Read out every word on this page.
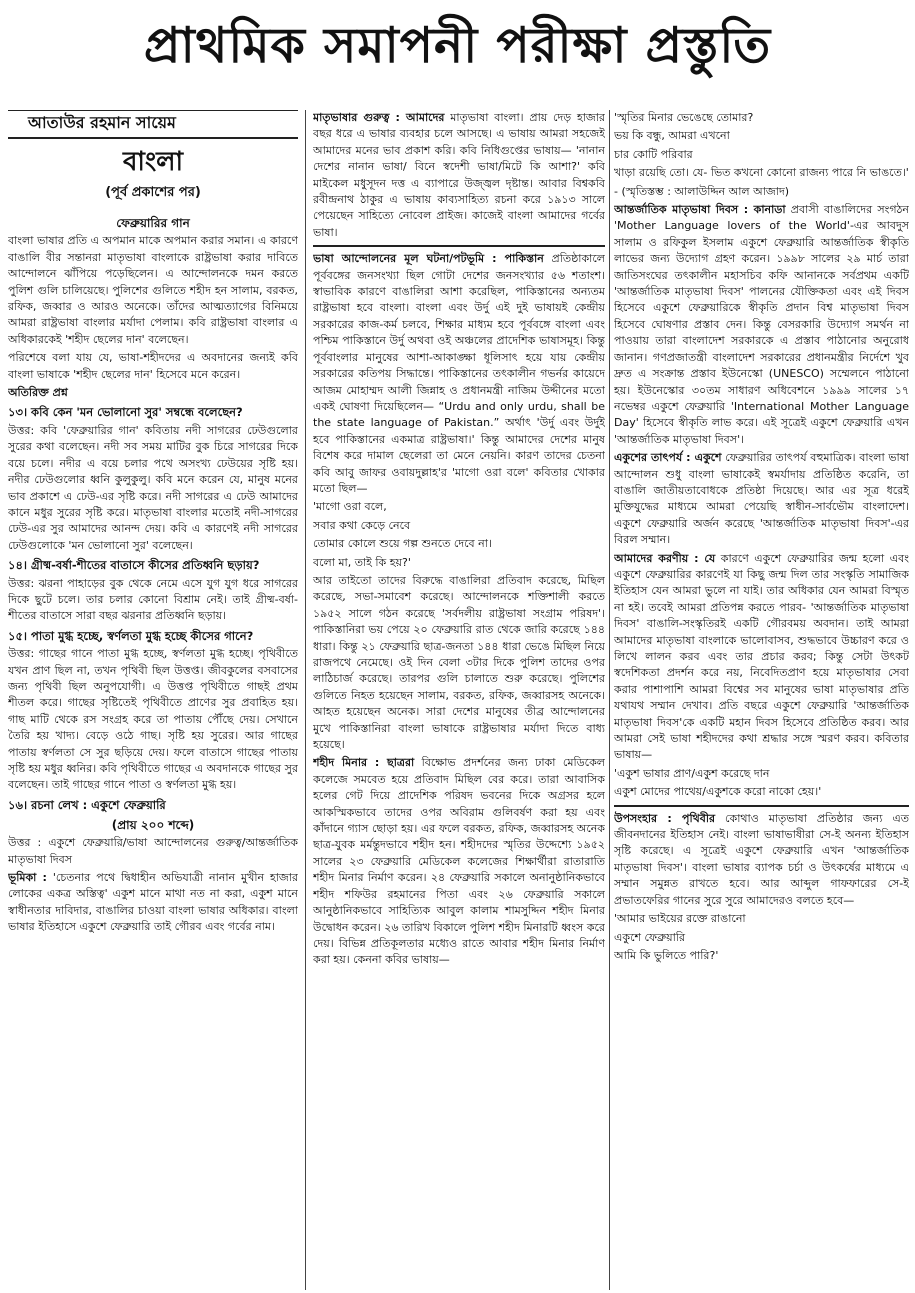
প্রাথমিক সমাপনী পরীক্ষা প্রস্তুতি
আতাউর রহমান সায়েম
বাংলা
(পূর্ব প্রকাশের পর)
ফেব্রুয়ারির গান

বাংলা ভাষার প্রতি এ অপমান মাকে অপমান করার সমান। এ কারণে বাঙালি বীর সন্তানরা মাতৃভাষা বাংলাকে রাষ্ট্রভাষা করার দাবিতে আন্দোলনে ঝাঁপিয়ে পড়েছিলেন। এ আন্দোলনকে দমন করতে পুলিশ গুলি চালিয়েছে। পুলিশের গুলিতে শহীদ হন সালাম, বরকত, রফিক, জব্বার ও আরও অনেকে। তাঁদের আত্মত্যাগের বিনিময়ে আমরা রাষ্ট্রভাষা বাংলার মর্যাদা পেলাম। কবি রাষ্ট্রভাষা বাংলার এ অধিকারকেই 'শহীদ ছেলের দান' বলেছেন।

পরিশেষে বলা যায় যে, ভাষা-শহীদদের এ অবদানের জন্যই কবি বাংলা ভাষাকে 'শহীদ ছেলের দান' হিসেবে মনে করেন।

অতিরিক্ত প্রশ্ন

১৩। কবি কেন 'মন ভোলানো সুর' সম্বন্ধে বলেছেন?

উত্তর: কবি 'ফেব্রুয়ারির গান' কবিতায় নদী সাগরের ঢেউগুলোর সুরের কথা বলেছেন। নদী সব সময় মাটির বুক চিরে সাগরের দিকে বয়ে চলে। নদীর এ বয়ে চলার পথে অসংখ্য ঢেউয়ের সৃষ্টি হয়। নদীর ঢেউগুলোর ধ্বনি কুলুকুলু। কবি মনে করেন যে, মানুষ মনের ভাব প্রকাশে এ ঢেউ-এর সৃষ্টি করে। নদী সাগরের এ ঢেউ আমাদের কানে মধুর সুরের সৃষ্টি করে। মাতৃভাষা বাংলার মতোই নদী-সাগরের ঢেউ-এর সুর আমাদের আনন্দ দেয়। কবি এ কারণেই নদী সাগরের ঢেউগুলোকে 'মন ভোলানো সুর' বলেছেন।

১৪। গ্রীষ্ম-বর্ষা-শীতের বাতাসে কীসের প্রতিধ্বনি ছড়ায়?

উত্তর: ঝরনা পাহাড়ের বুক থেকে নেমে এসে যুগ যুগ ধরে সাগরের দিকে ছুটে চলে। তার চলার কোনো বিশ্রাম নেই। তাই গ্রীষ্ম-বর্ষা-শীতের বাতাসে সারা বছর ঝরনার প্রতিধ্বনি ছড়ায়।

১৫। পাতা মুগ্ধ হচ্ছে, স্বর্ণলতা মুগ্ধ হচ্ছে কীসের গানে?

উত্তর: গাছের গানে পাতা মুগ্ধ হচ্ছে, স্বর্ণলতা মুগ্ধ হচ্ছে। পৃথিবীতে যখন প্রাণ ছিল না, তখন পৃথিবী ছিল উত্তপ্ত। জীবকুলের বসবাসের জন্য পৃথিবী ছিল অনুপযোগী। এ উত্তপ্ত পৃথিবীতে গাছই প্রথম শীতল করে। গাছের সৃষ্টিতেই পৃথিবীতে প্রাণের সুর প্রবাহিত হয়। গাছ মাটি থেকে রস সংগ্রহ করে তা পাতায় পৌঁছে দেয়। সেখানে তৈরি হয় খাদ্য। বেড়ে ওঠে গাছ। সৃষ্টি হয় সুরের। আর গাছের পাতায় স্বর্ণলতা সে সুর ছড়িয়ে দেয়। ফলে বাতাসে গাছের পাতায় সৃষ্টি হয় মধুর ধ্বনির। কবি পৃথিবীতে গাছের এ অবদানকে গাছের সুর বলেছেন। তাই গাছের গানে পাতা ও স্বর্ণলতা মুগ্ধ হয়।

১৬। রচনা লেখ : একুশে ফেব্রুয়ারি

(প্রায় ২০০ শব্দে)

উত্তর : একুশে ফেব্রুয়ারি/ভাষা আন্দোলনের গুরুত্ব/আন্তর্জাতিক মাতৃভাষা দিবস

ভূমিকা : 'চেতনার পথে দ্বিধাহীন অভিযাত্রী নানান মুখীন হাজার লোকের একত্র অস্তিত্ব' একুশ মানে মাথা নত না করা, একুশ মানে স্বাধীনতার দাবিদার, বাঙালির চাওয়া বাংলা ভাষার অধিকার। বাংলা ভাষার ইতিহাসে একুশে ফেব্রুয়ারি তাই গৌরব এবং গর্বের নাম।

মাতৃভাষার গুরুত্ব : আমাদের মাতৃভাষা বাংলা। প্রায় দেড় হাজার বছর ধরে এ ভাষার ব্যবহার চলে আসছে। এ ভাষায় আমরা সহজেই আমাদের মনের ভাব প্রকাশ করি। কবি নিধিগুপ্তের ভাষায়— 'নানান দেশের নানান ভাষা/ বিনে স্বদেশী ভাষা/মিটে কি আশা?' কবি মাইকেল মধুসূদন দত্ত এ ব্যাপারে উজ্জ্বল দৃষ্টান্ত। আবার বিশ্বকবি রবীন্দ্রনাথ ঠাকুর এ ভাষায় কাব্যসাহিত্য রচনা করে ১৯১৩ সালে পেয়েছেন সাহিত্যে নোবেল প্রাইজ। কাজেই বাংলা আমাদের গর্বের ভাষা।

ভাষা আন্দোলনের মূল ঘটনা/পটভূমি : পাকিস্তান প্রতিষ্ঠাকালে পূর্ববঙ্গের জনসংখ্যা ছিল গোটা দেশের জনসংখ্যার ৫৬ শতাংশ। স্বাভাবিক কারণে বাঙালিরা আশা করেছিল, পাকিস্তানের অন্যতম রাষ্ট্রভাষা হবে বাংলা। বাংলা এবং উর্দু এই দুই ভাষায়ই কেন্দ্রীয় সরকারের কাজ-কর্ম চলবে, শিক্ষার মাধ্যম হবে পূর্ববঙ্গে বাংলা এবং পশ্চিম পাকিস্তানে উর্দু অথবা ওই অঞ্চলের প্রাদেশিক ভাষাসমূহ। কিন্তু পূর্ববাংলার মানুষের আশা-আকাঙ্ক্ষা ধূলিসাৎ হয়ে যায় কেন্দ্রীয় সরকারের কতিপয় সিদ্ধান্তে। পাকিস্তানের তৎকালীন গভর্নর কায়েদে আজম মোহাম্মদ আলী জিন্নাহ ও প্রধানমন্ত্রী নাজিম উদ্দীনের মতো একই ঘোষণা দিয়েছিলেন— “Urdu and only urdu, shall be the state language of Pakistan.” অর্থাৎ 'উর্দু এবং উর্দুই হবে পাকিস্তানের একমাত্র রাষ্ট্রভাষা।' কিন্তু আমাদের দেশের মানুষ বিশেষ করে দামাল ছেলেরা তা মেনে নেয়নি। কারণ তাদের চেতনা কবি আবু জাফর ওবায়দুল্লাহ'র 'মাগো ওরা বলে' কবিতার খোকার মতো ছিল—

'মাগো ওরা বলে,

সবার কথা কেড়ে নেবে

তোমার কোলে শুয়ে গল্প শুনতে দেবে না।

বলো মা, তাই কি হয়?'

আর তাইতো তাদের বিরুদ্ধে বাঙালিরা প্রতিবাদ করেছে, মিছিল করেছে, সভা-সমাবেশ করেছে। আন্দোলনকে শক্তিশালী করতে ১৯৫২ সালে গঠন করেছে 'সর্বদলীয় রাষ্ট্রভাষা সংগ্রাম পরিষদ'। পাকিস্তানিরা ভয় পেয়ে ২০ ফেব্রুয়ারি রাত থেকে জারি করেছে ১৪৪ ধারা। কিন্তু ২১ ফেব্রুয়ারি ছাত্র-জনতা ১৪৪ ধারা ভেঙে মিছিল নিয়ে রাজপথে নেমেছে। ওই দিন বেলা ৩টার দিকে পুলিশ তাদের ওপর লাঠিচার্জ করেছে। তারপর গুলি চালাতে শুরু করেছে। পুলিশের গুলিতে নিহত হয়েছেন সালাম, বরকত, রফিক, জব্বারসহ অনেকে। আহত হয়েছেন অনেক। সারা দেশের মানুষের তীব্র আন্দোলনের মুখে পাকিস্তানিরা বাংলা ভাষাকে রাষ্ট্রভাষার মর্যাদা দিতে বাধ্য হয়েছে।

শহীদ মিনার : ছাত্ররা বিক্ষোভ প্রদর্শনের জন্য ঢাকা মেডিকেল কলেজে সমবেত হয়ে প্রতিবাদ মিছিল বের করে। তারা আবাসিক হলের গেট দিয়ে প্রাদেশিক পরিষদ ভবনের দিকে অগ্রসর হলে আকস্মিকভাবে তাদের ওপর অবিরাম গুলিবর্ষণ করা হয় এবং কাঁদানে গ্যাস ছোড়া হয়। এর ফলে বরকত, রফিক, জব্বারসহ অনেক ছাত্র-যুবক মর্মন্তুদভাবে শহীদ হন। শহীদদের স্মৃতির উদ্দেশ্যে ১৯৫২ সালের ২৩ ফেব্রুয়ারি মেডিকেল কলেজের শিক্ষার্থীরা রাতারাতি শহীদ মিনার নির্মাণ করেন। ২৪ ফেব্রুয়ারি সকালে অনানুষ্ঠানিকভাবে শহীদ শফিউর রহমানের পিতা এবং ২৬ ফেব্রুয়ারি সকালে আনুষ্ঠানিকভাবে সাহিত্যিক আবুল কালাম শামসুদ্দিন শহীদ মিনার উদ্বোধন করেন। ২৬ তারিখ বিকালে পুলিশ শহীদ মিনারটি ধ্বংস করে দেয়। বিভিন্ন প্রতিকূলতার মধ্যেও রাতে আবার শহীদ মিনার নির্মাণ করা হয়। কেননা কবির ভাষায়—

'স্মৃতির মিনার ভেঙেছে তোমার?

ভয় কি বন্ধু, আমরা এখনো

চার কোটি পরিবার

খাড়া রয়েছি তো। যে- ভিত কখনো কোনো রাজন্য পারে নি ভাঙতে।'

- (স্মৃতিস্তম্ভ : আলাউদ্দিন আল আজাদ)

আন্তর্জাতিক মাতৃভাষা দিবস : কানাডা প্রবাসী বাঙালিদের সংগঠন 'Mother Language lovers of the World'-এর আবদুস সালাম ও রফিকুল ইসলাম একুশে ফেব্রুয়ারি আন্তর্জাতিক স্বীকৃতি লাভের জন্য উদ্যোগ গ্রহণ করেন। ১৯৯৮ সালের ২৯ মার্চ তারা জাতিসংঘের তৎকালীন মহাসচিব কফি আনানকে সর্বপ্রথম একটি 'আন্তর্জাতিক মাতৃভাষা দিবস' পালনের যৌক্তিকতা এবং এই দিবস হিসেবে একুশে ফেব্রুয়ারিকে স্বীকৃতি প্রদান বিশ্ব মাতৃভাষা দিবস হিসেবে ঘোষণার প্রস্তাব দেন। কিন্তু বেসরকারি উদ্যোগ সমর্থন না পাওয়ায় তারা বাংলাদেশ সরকারকে এ প্রস্তাব পাঠানোর অনুরোধ জানান। গণপ্রজাতন্ত্রী বাংলাদেশ সরকারের প্রধানমন্ত্রীর নির্দেশে খুব দ্রুত এ সংক্রান্ত প্রস্তাব ইউনেস্কো (UNESCO) সম্মেলনে পাঠানো হয়। ইউনেস্কোর ৩০তম সাধারণ অধিবেশনে ১৯৯৯ সালের ১৭ নভেম্বর একুশে ফেব্রুয়ারি 'International Mother Language Day' হিসেবে স্বীকৃতি লাভ করে। এই সূত্রেই একুশে ফেব্রুয়ারি এখন 'আন্তর্জাতিক মাতৃভাষা দিবস'।

একুশের তাৎপর্য : একুশে ফেব্রুয়ারির তাৎপর্য বহুমাত্রিক। বাংলা ভাষা আন্দোলন শুধু বাংলা ভাষাকেই স্বমর্যাদায় প্রতিষ্ঠিত করেনি, তা বাঙালি জাতীয়তাবোধকে প্রতিষ্ঠা দিয়েছে। আর এর সূত্র ধরেই মুক্তিযুদ্ধের মাধ্যমে আমরা পেয়েছি স্বাধীন-সার্বভৌম বাংলাদেশ। একুশে ফেব্রুয়ারি অর্জন করেছে 'আন্তর্জাতিক মাতৃভাষা দিবস'-এর বিরল সম্মান।

আমাদের করণীয় : যে কারণে একুশে ফেব্রুয়ারির জন্ম হলো এবং একুশে ফেব্রুয়ারির কারণেই যা কিছু জন্ম দিল তার সংস্কৃতি সামাজিক ইতিহাস যেন আমরা ভুলে না যাই। তার অধিকার যেন আমরা বিস্মৃত না হই। তবেই আমরা প্রতিপন্ন করতে পারব- 'আন্তর্জাতিক মাতৃভাষা দিবস' বাঙালি-সংস্কৃতিরই একটি গৌরবময় অবদান। তাই আমরা আমাদের মাতৃভাষা বাংলাকে ভালোবাসব, শুদ্ধভাবে উচ্চারণ করে ও লিখে লালন করব এবং তার প্রচার করব; কিন্তু সেটা উৎকট স্বদেশিকতা প্রদর্শন করে নয়, নিবেদিতপ্রাণ হয়ে মাতৃভাষার সেবা করার পাশাপাশি আমরা বিশ্বের সব মানুষের ভাষা মাতৃভাষার প্রতি যথাযথ সম্মান দেখাব। প্রতি বছরে একুশে ফেব্রুয়ারি 'আন্তর্জাতিক মাতৃভাষা দিবস'কে একটি মহান দিবস হিসেবে প্রতিষ্ঠিত করব। আর আমরা সেই ভাষা শহীদদের কথা শ্রদ্ধার সঙ্গে স্মরণ করব। কবিতার ভাষায়—

'একুশ ভাষার প্রাণ/একুশ করেছে দান

একুশ মোদের পাথেয়/একুশকে করো নাকো হেয়।'

উপসংহার : পৃথিবীর কোথাও মাতৃভাষা প্রতিষ্ঠার জন্য এত জীবনদানের ইতিহাস নেই। বাংলা ভাষাভাষীরা সে-ই অনন্য ইতিহাস সৃষ্টি করেছে। এ সূত্রেই একুশে ফেব্রুয়ারি এখন 'আন্তর্জাতিক মাতৃভাষা দিবস'। বাংলা ভাষার ব্যাপক চর্চা ও উৎকর্ষের মাধ্যমে এ সম্মান সমুন্নত রাখতে হবে। আর আব্দুল গাফফারের সে-ই প্রভাতফেরির গানের সুরে সুরে আমাদেরও বলতে হবে—

'আমার ভাইয়ের রক্তে রাঙানো

একুশে ফেব্রুয়ারি

আমি কি ভুলিতে পারি?'
